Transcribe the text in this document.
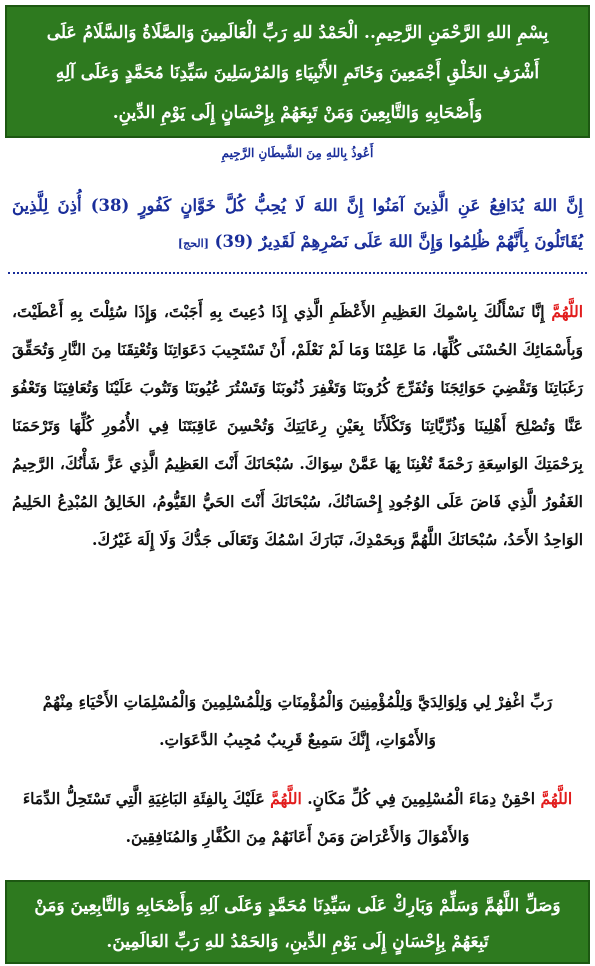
بِسْمِ اللهِ الرَّحْمَنِ الرَّحِيمِ.. الْحَمْدُ للهِ رَبِّ الْعَالَمِينَ وَالصَّلَاةُ وَالسَّلَامُ عَلَى

أَشْرَفِ الخَلْقِ أَجْمَعِينَ وَخَاتَمِ الأَنْبِيَاءِ وَالمُرْسَلِينَ سَيِّدِنَا مُحَمَّدٍ وَعَلَى آلِهِ

وَأَصْحَابِهِ وَالتَّابِعِينَ وَمَنْ تَبِعَهُمْ بِإِحْسَانٍ إِلَى يَوْمِ الدِّينِ.

أَعُوذُ بِاللهِ مِنَ الشَّيطَانِ الرَّجِيمِ
إِنَّ اللهَ يُدَافِعُ عَنِ الَّذِينَ آمَنُوا إِنَّ اللهَ لَا يُحِبُّ كُلَّ خَوَّانٍ كَفُورٍ (38) أُذِنَ لِلَّذِينَ يُقَاتَلُونَ بِأَنَّهُمْ ظُلِمُوا وَإِنَّ اللهَ عَلَى نَصْرِهِمْ لَقَدِيرٌ (39) [الحج]

اللَّهُمَّ إِنَّا نَسْأَلُكَ بِاسْمِكَ العَظِيمِ الأَعْظَمِ الَّذِي إِذَا دُعِيتَ بِهِ أَجَبْتَ، وَإِذَا سُئِلْتَ بِهِ أَعْطَيْتَ، وَبِأَسْمَائِكَ الحُسْنَى كُلِّهَا، مَا عَلِمْنَا وَمَا لَمْ نَعْلَمْ، أَنْ تَسْتَجِيبَ دَعَوَاتِنَا وَتُعْتِقَنَا مِنَ النَّارِ وَتُحَقِّقَ رَغَبَاتِنَا وَتَقْضِيَ حَوَائِجَنَا وَتُفَرِّجَ كُرُوبَنَا وَتَغْفِرَ ذُنُوبَنَا وَتَسْتُرَ عُيُوبَنَا وَتَتُوبَ عَلَيْنَا وَتُعَافِيَنَا وَتَعْفُوَ عَنَّا وَتُصْلِحَ أَهْلِينَا وَذُرِّيَّاتِنَا وَتَكْلَأَنَا بِعَيْنِ رِعَايَتِكَ وَتُحْسِنَ عَاقِبَتَنَا فِي الأُمُورِ كُلِّهَا وَتَرْحَمَنَا بِرَحْمَتِكَ الوَاسِعَةِ رَحْمَةً تُغْنِنَا بِهَا عَمَّنْ سِوَاكَ. سُبْحَانَكَ أَنْتَ العَظِيمُ الَّذِي عَزَّ شَأْنُكَ، الرَّحِيمُ الغَفُورُ الَّذِي فَاضَ عَلَى الوُجُودِ إِحْسَانُكَ، سُبْحَانَكَ أَنْتَ الحَيُّ القَيُّومُ، الخَالِقُ المُبْدِعُ الحَلِيمُ الوَاحِدُ الأَحَدُ، سُبْحَانَكَ اللَّهُمَّ وَبِحَمْدِكَ، تَبَارَكَ اسْمُكَ وَتَعَالَى جَدُّكَ وَلَا إِلَهَ غَيْرُكَ.

رَبِّ اغْفِرْ لِي وَلِوَالِدَيَّ وَلِلْمُؤْمِنِينَ وَالْمُؤْمِنَاتِ وَلِلْمُسْلِمِينَ وَالْمُسْلِمَاتِ الأَحْيَاءِ مِنْهُمْ وَالأَمْوَاتِ، إِنَّكَ سَمِيعٌ قَرِيبٌ مُجِيبُ الدَّعَوَاتِ.

اللَّهُمَّ احْقِنْ دِمَاءَ الْمُسْلِمِينَ فِي كُلِّ مَكَانٍ. اللَّهُمَّ عَلَيْكَ بِالفِئَةِ البَاغِيَةِ الَّتِي تَسْتَحِلُّ الدِّمَاءَ وَالأَمْوَالَ وَالأَعْرَاضَ وَمَنْ أَعَانَهُمْ مِنَ الكُفَّارِ وَالمُنَافِقِينَ.

وَصَلِّ اللَّهُمَّ وَسَلِّمْ وَبَارِكْ عَلَى سَيِّدِنَا مُحَمَّدٍ وَعَلَى آلِهِ وَأَصْحَابِهِ وَالتَّابِعِينَ وَمَنْ

تَبِعَهُمْ بِإِحْسَانٍ إِلَى يَوْمِ الدِّينِ، وَالحَمْدُ للهِ رَبِّ العَالَمِينَ.
